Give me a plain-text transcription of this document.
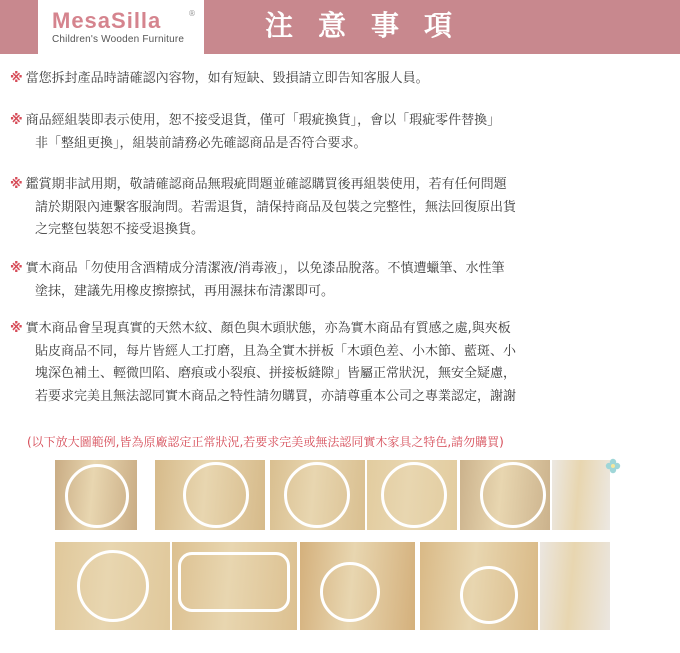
MesaSilla	®
Children's Wooden Furniture	注意事項
※ 當您拆封產品時請確認內容物，如有短缺、毀損請立即告知客服人員。
※ 商品經組裝即表示使用，恕不接受退貨，僅可「瑕疵換貨」，會以「瑕疵零件替換」
非「整組更換」，組裝前請務必先確認商品是否符合要求。
※ 鑑賞期非試用期，敬請確認商品無瑕疵問題並確認購買後再組裝使用，若有任何問題
請於期限內連繫客服詢問。若需退貨，請保持商品及包裝之完整性，無法回復原出貨
之完整包裝恕不接受退換貨。
※ 實木商品「勿使用含酒精成分清潔液/消毒液」，以免漆品脫落。不慎遭蠟筆、水性筆
塗抹，建議先用橡皮擦擦拭，再用濕抹布清潔即可。
※ 實木商品會呈現真實的天然木紋、顏色與木頭狀態，亦為實木商品有質感之處,與夾板
貼皮商品不同，每片皆經人工打磨，且為全實木拼板「木頭色差、小木節、藍斑、小
塊深色補土、輕微凹陷、磨痕或小裂痕、拼接板縫隙」皆屬正常狀況，無安全疑慮，
若要求完美且無法認同實木商品之特性請勿購買，亦請尊重本公司之專業認定，謝謝
(以下放大圖範例,皆為原廠認定正常狀況,若要求完美或無法認同實木家具之特色,請勿購買)
